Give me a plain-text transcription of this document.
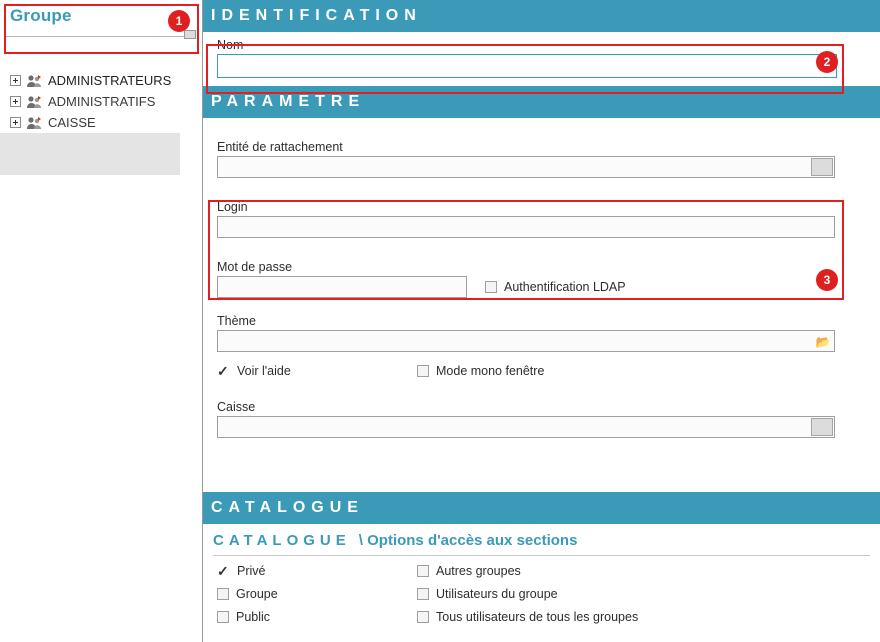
Groupe
ADMINISTRATEURS
ADMINISTRATIFS
CAISSE
IDENTIFICATION
Nom
PARAMETRE
Entité de rattachement
Login
Mot de passe
Authentification LDAP
Thème
📂
✓ Voir l'aide	Mode mono fenêtre
Caisse
CATALOGUE
CATALOGUE \ Options d'accès aux sections
✓ Privé	Autres groupes
Groupe	Utilisateurs du groupe
Public	Tous utilisateurs de tous les groupes
1
2
3
